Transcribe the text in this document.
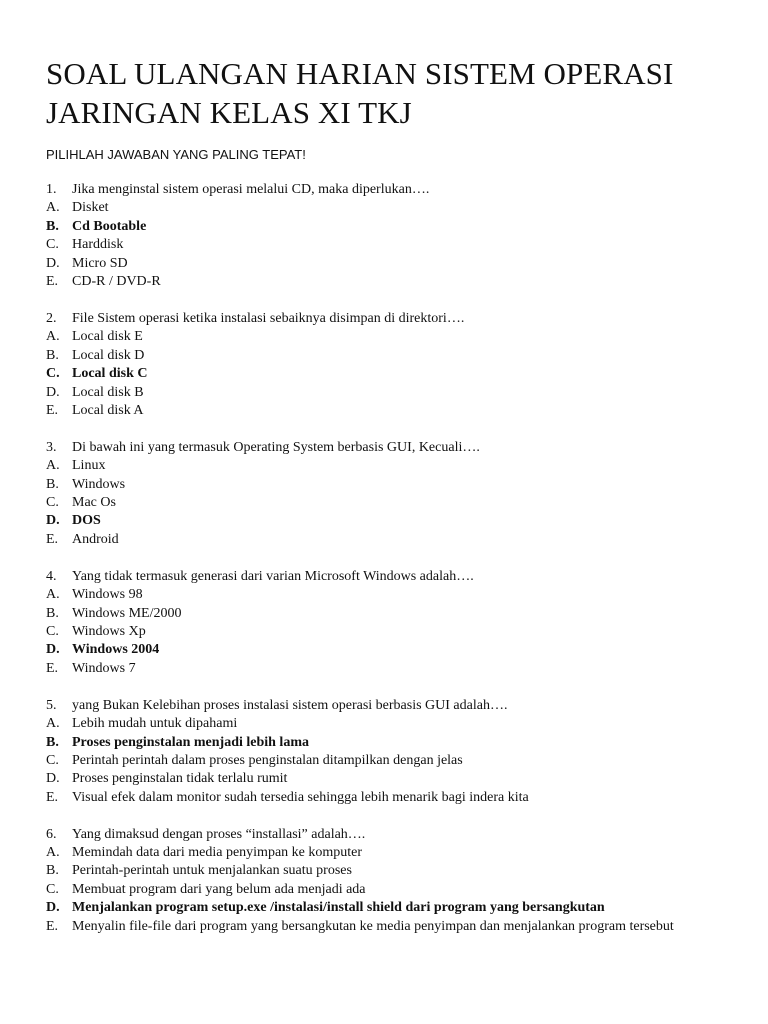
SOAL ULANGAN HARIAN SISTEM OPERASI
JARINGAN KELAS XI TKJ
PILIHLAH JAWABAN YANG PALING TEPAT!
1. Jika menginstal sistem operasi melalui CD, maka diperlukan….
A. Disket
B. Cd Bootable
C. Harddisk
D. Micro SD
E. CD-R / DVD-R
2. File Sistem operasi ketika instalasi sebaiknya disimpan di direktori….
A. Local disk E
B. Local disk D
C. Local disk C
D. Local disk B
E. Local disk A
3. Di bawah ini yang termasuk Operating System berbasis GUI, Kecuali….
A. Linux
B. Windows
C. Mac Os
D. DOS
E. Android
4. Yang tidak termasuk generasi dari varian Microsoft Windows adalah….
A. Windows 98
B. Windows ME/2000
C. Windows Xp
D. Windows 2004
E. Windows 7
5. yang Bukan Kelebihan proses instalasi sistem operasi berbasis GUI adalah….
A. Lebih mudah untuk dipahami
B. Proses penginstalan menjadi lebih lama
C. Perintah perintah dalam proses penginstalan ditampilkan dengan jelas
D. Proses penginstalan tidak terlalu rumit
E. Visual efek dalam monitor sudah tersedia sehingga lebih menarik bagi indera kita
6. Yang dimaksud dengan proses “installasi” adalah….
A. Memindah data dari media penyimpan ke komputer
B. Perintah-perintah untuk menjalankan suatu proses
C. Membuat program dari yang belum ada menjadi ada
D. Menjalankan program setup.exe /instalasi/install shield dari program yang bersangkutan
E. Menyalin file-file dari program yang bersangkutan ke media penyimpan dan menjalankan program tersebut
